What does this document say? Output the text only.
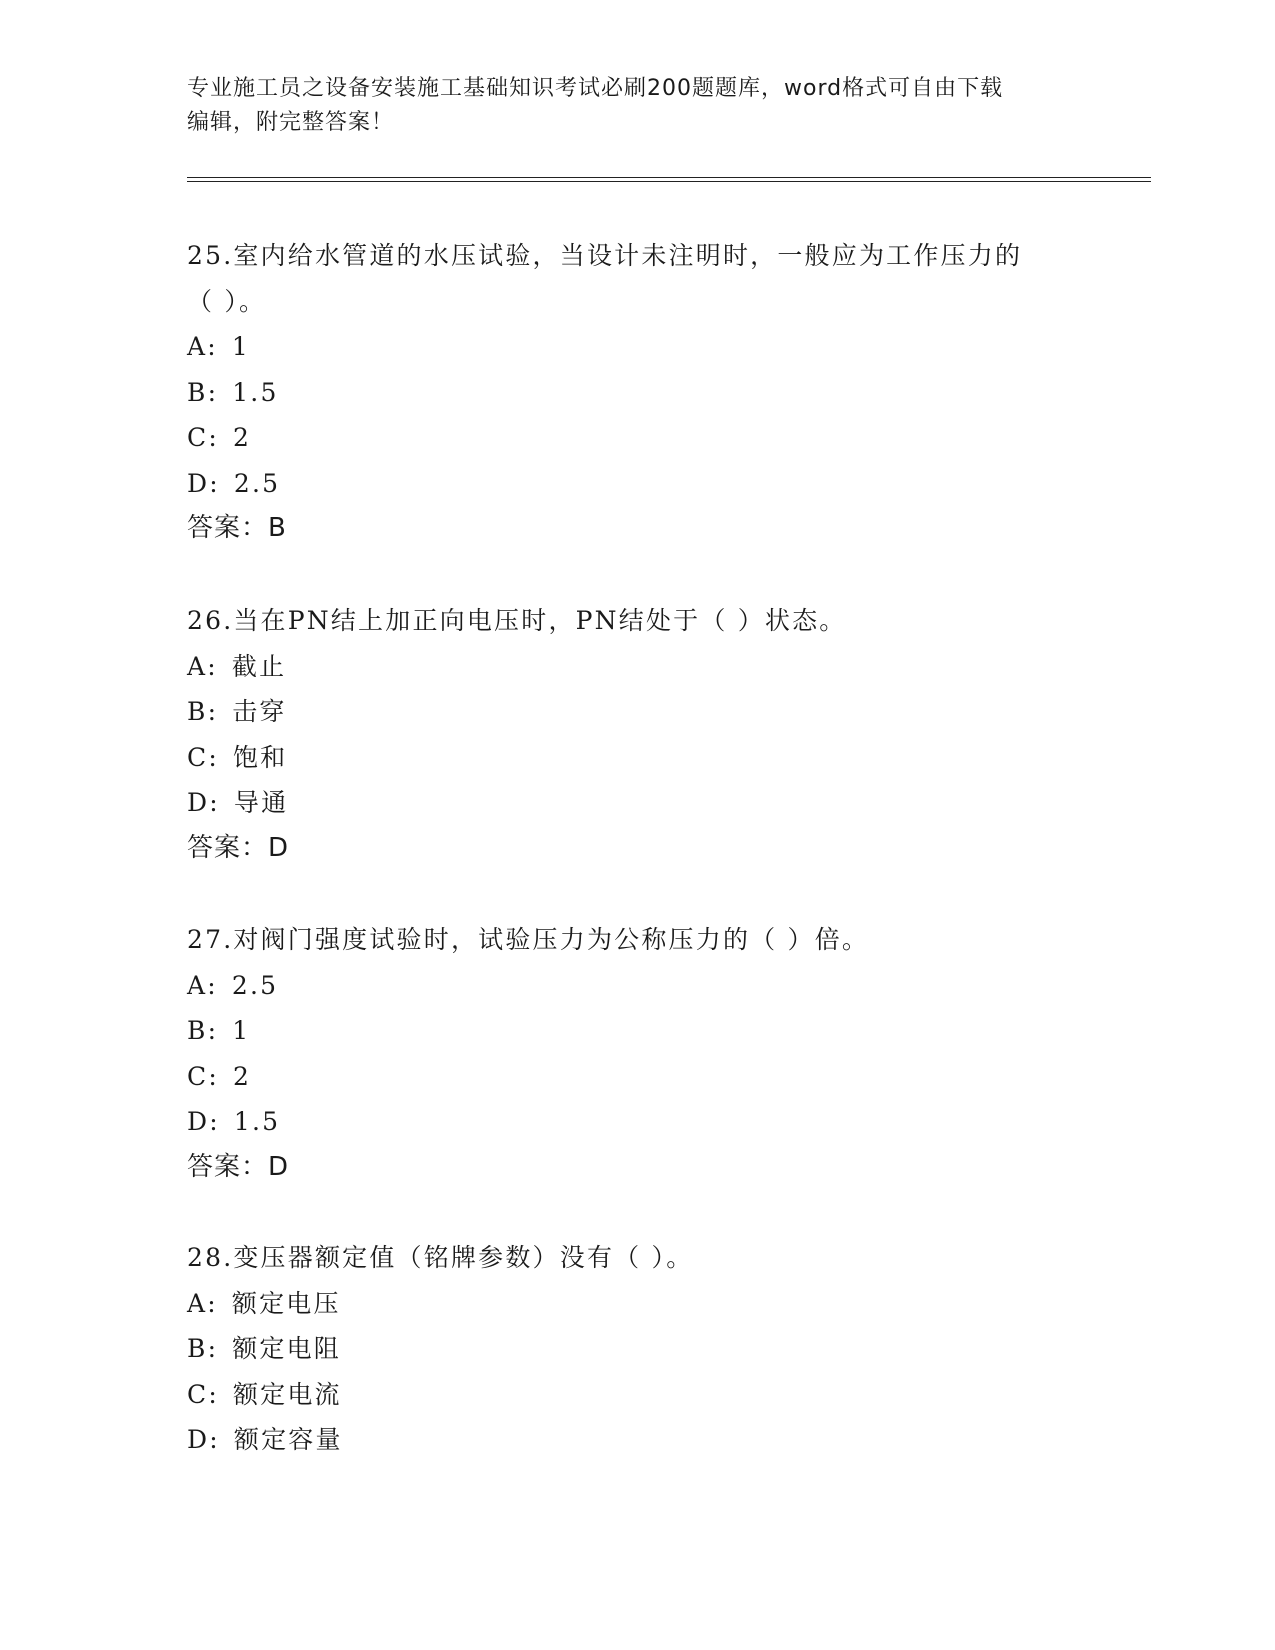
专业施工员之设备安装施工基础知识考试必刷200题题库，word格式可自由下载
编辑，附完整答案！
25.室内给水管道的水压试验，当设计未注明时，一般应为工作压力的
（ ）。
A: 1
B: 1.5
C: 2
D: 2.5
答案：B
26.当在PN结上加正向电压时，PN结处于（ ）状态。
A: 截止
B: 击穿
C: 饱和
D: 导通
答案：D
27.对阀门强度试验时，试验压力为公称压力的（ ）倍。
A: 2.5
B: 1
C: 2
D: 1.5
答案：D
28.变压器额定值（铭牌参数）没有（ ）。
A: 额定电压
B: 额定电阻
C: 额定电流
D: 额定容量
